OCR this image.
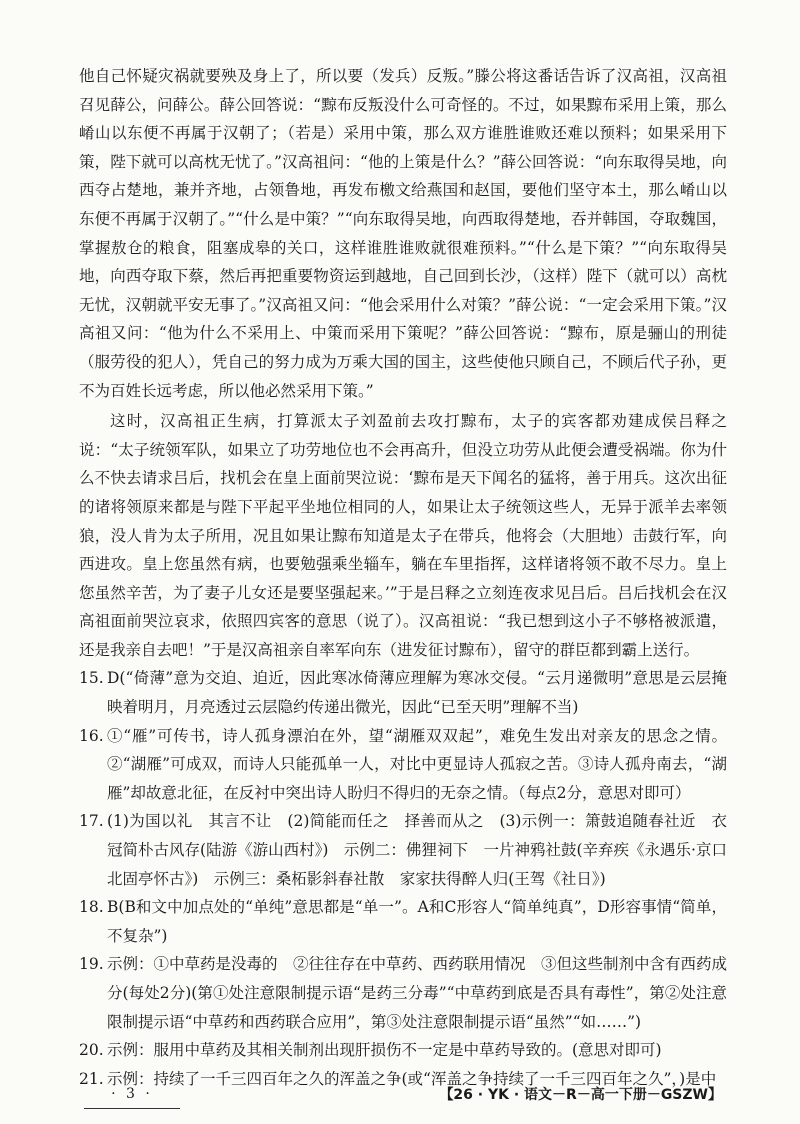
他自己怀疑灾祸就要殃及身上了，所以要（发兵）反叛。”滕公将这番话告诉了汉高祖，汉高祖召见薛公，问薛公。薛公回答说：“黥布反叛没什么可奇怪的。不过，如果黥布采用上策，那么崤山以东便不再属于汉朝了；（若是）采用中策，那么双方谁胜谁败还难以预料；如果采用下策，陛下就可以高枕无忧了。”汉高祖问：“他的上策是什么？”薛公回答说：“向东取得吴地，向西夺占楚地，兼并齐地，占领鲁地，再发布檄文给燕国和赵国，要他们坚守本土，那么崤山以东便不再属于汉朝了。”“什么是中策？”“向东取得吴地，向西取得楚地，吞并韩国，夺取魏国，掌握敖仓的粮食，阻塞成皋的关口，这样谁胜谁败就很难预料。”“什么是下策？”“向东取得吴地，向西夺取下蔡，然后再把重要物资运到越地，自己回到长沙，（这样）陛下（就可以）高枕无忧，汉朝就平安无事了。”汉高祖又问：“他会采用什么对策？”薛公说：“一定会采用下策。”汉高祖又问：“他为什么不采用上、中策而采用下策呢？”薛公回答说：“黥布，原是骊山的刑徒（服劳役的犯人），凭自己的努力成为万乘大国的国主，这些使他只顾自己，不顾后代子孙，更不为百姓长远考虑，所以他必然采用下策。”

这时，汉高祖正生病，打算派太子刘盈前去攻打黥布，太子的宾客都劝建成侯吕释之说：“太子统领军队，如果立了功劳地位也不会再高升，但没立功劳从此便会遭受祸端。你为什么不快去请求吕后，找机会在皇上面前哭泣说：‘黥布是天下闻名的猛将，善于用兵。这次出征的诸将领原来都是与陛下平起平坐地位相同的人，如果让太子统领这些人，无异于派羊去率领狼，没人肯为太子所用，况且如果让黥布知道是太子在带兵，他将会（大胆地）击鼓行军，向西进攻。皇上您虽然有病，也要勉强乘坐辎车，躺在车里指挥，这样诸将领不敢不尽力。皇上您虽然辛苦，为了妻子儿女还是要坚强起来。’”于是吕释之立刻连夜求见吕后。吕后找机会在汉高祖面前哭泣哀求，依照四宾客的意思（说了）。汉高祖说：“我已想到这小子不够格被派遣，还是我亲自去吧！”于是汉高祖亲自率军向东（进发征讨黥布），留守的群臣都到霸上送行。

15. D(“倚薄”意为交迫、迫近，因此寒冰倚薄应理解为寒冰交侵。“云月递微明”意思是云层掩映着明月，月亮透过云层隐约传递出微光，因此“已至天明”理解不当)
16. ①“雁”可传书，诗人孤身漂泊在外，望“湖雁双双起”，难免生发出对亲友的思念之情。②“湖雁”可成双，而诗人只能孤单一人，对比中更显诗人孤寂之苦。③诗人孤舟南去，“湖雁”却故意北征，在反衬中突出诗人盼归不得归的无奈之情。（每点2分，意思对即可）
17. (1)为国以礼　其言不让　(2)简能而任之　择善而从之　(3)示例一：箫鼓追随春社近　衣冠简朴古风存(陆游《游山西村》)　示例二：佛狸祠下　一片神鸦社鼓(辛弃疾《永遇乐·京口北固亭怀古》)　示例三：桑柘影斜春社散　家家扶得醉人归(王驾《社日》)
18. B(B和文中加点处的“单纯”意思都是“单一”。A和C形容人“简单纯真”，D形容事情“简单，不复杂”)
19. 示例：①中草药是没毒的　②往往存在中草药、西药联用情况　③但这些制剂中含有西药成分(每处2分)(第①处注意限制提示语“是药三分毒”“中草药到底是否具有毒性”，第②处注意限制提示语“中草药和西药联合应用”，第③处注意限制提示语“虽然”“如……”)
20. 示例：服用中草药及其相关制剂出现肝损伤不一定是中草药导致的。(意思对即可)
21. 示例：持续了一千三四百年之久的浑盖之争(或“浑盖之争持续了一千三四百年之久”，)是中
· 3 ·	【26 · YK · 语文－R－高一下册－GSZW】
